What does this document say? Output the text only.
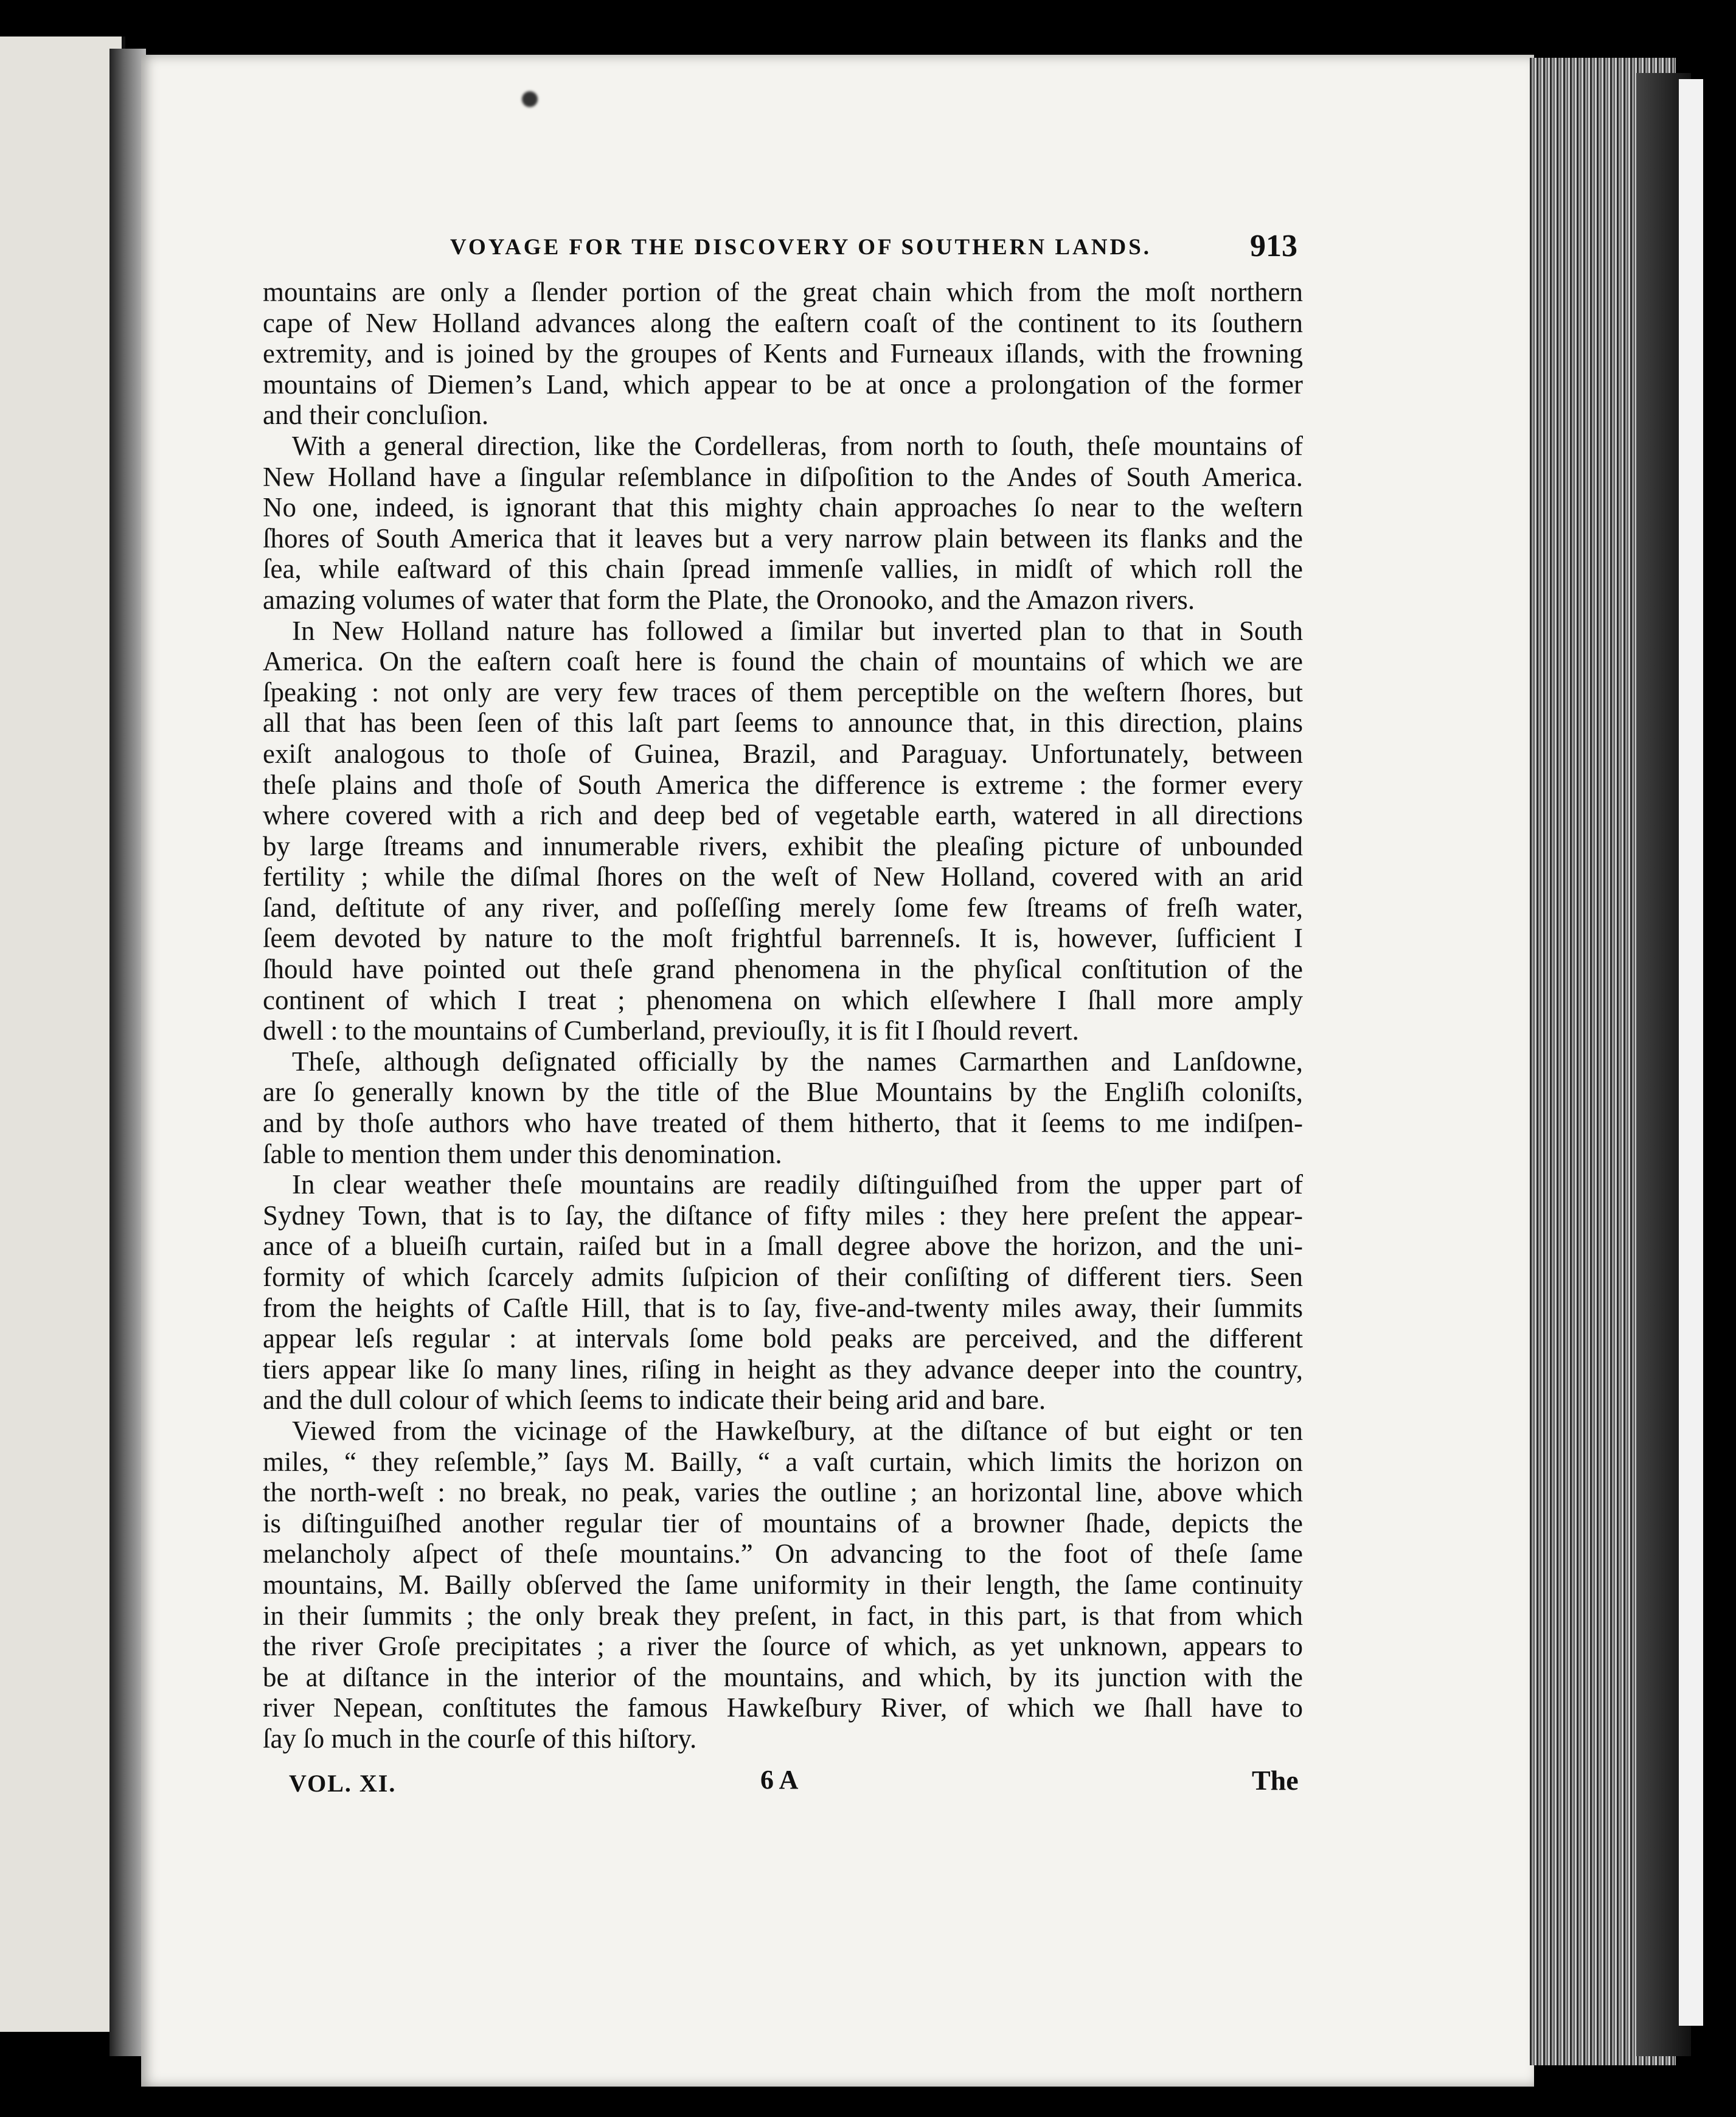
VOYAGE FOR THE DISCOVERY OF SOUTHERN LANDS.	913
mountains are only a ſlender portion of the great chain which from the moſt northern
cape of New Holland advances along the eaſtern coaſt of the continent to its ſouthern
extremity, and is joined by the groupes of Kents and Furneaux iſlands, with the frowning
mountains of Diemen’s Land, which appear to be at once a prolongation of the former
and their concluſion.
With a general direction, like the Cordelleras, from north to ſouth, theſe mountains of
New Holland have a ſingular reſemblance in diſpoſition to the Andes of South America.
No one, indeed, is ignorant that this mighty chain approaches ſo near to the weſtern
ſhores of South America that it leaves but a very narrow plain between its flanks and the
ſea, while eaſtward of this chain ſpread immenſe vallies, in midſt of which roll the
amazing volumes of water that form the Plate, the Oronooko, and the Amazon rivers.
In New Holland nature has followed a ſimilar but inverted plan to that in South
America. On the eaſtern coaſt here is found the chain of mountains of which we are
ſpeaking : not only are very few traces of them perceptible on the weſtern ſhores, but
all that has been ſeen of this laſt part ſeems to announce that, in this direction, plains
exiſt analogous to thoſe of Guinea, Brazil, and Paraguay. Unfortunately, between
theſe plains and thoſe of South America the difference is extreme : the former every
where covered with a rich and deep bed of vegetable earth, watered in all directions
by large ſtreams and innumerable rivers, exhibit the pleaſing picture of unbounded
fertility ; while the diſmal ſhores on the weſt of New Holland, covered with an arid
ſand, deſtitute of any river, and poſſeſſing merely ſome few ſtreams of freſh water,
ſeem devoted by nature to the moſt frightful barrenneſs. It is, however, ſufficient I
ſhould have pointed out theſe grand phenomena in the phyſical conſtitution of the
continent of which I treat ; phenomena on which elſewhere I ſhall more amply
dwell : to the mountains of Cumberland, previouſly, it is fit I ſhould revert.
Theſe, although deſignated officially by the names Carmarthen and Lanſdowne,
are ſo generally known by the title of the Blue Mountains by the Engliſh coloniſts,
and by thoſe authors who have treated of them hitherto, that it ſeems to me indiſpen-
ſable to mention them under this denomination.
In clear weather theſe mountains are readily diſtinguiſhed from the upper part of
Sydney Town, that is to ſay, the diſtance of fifty miles : they here preſent the appear-
ance of a blueiſh curtain, raiſed but in a ſmall degree above the horizon, and the uni-
formity of which ſcarcely admits ſuſpicion of their conſiſting of different tiers. Seen
from the heights of Caſtle Hill, that is to ſay, five-and-twenty miles away, their ſummits
appear leſs regular : at intervals ſome bold peaks are perceived, and the different
tiers appear like ſo many lines, riſing in height as they advance deeper into the country,
and the dull colour of which ſeems to indicate their being arid and bare.
Viewed from the vicinage of the Hawkeſbury, at the diſtance of but eight or ten
miles, “ they reſemble,” ſays M. Bailly, “ a vaſt curtain, which limits the horizon on
the north-weſt : no break, no peak, varies the outline ; an horizontal line, above which
is diſtinguiſhed another regular tier of mountains of a browner ſhade, depicts the
melancholy aſpect of theſe mountains.” On advancing to the foot of theſe ſame
mountains, M. Bailly obſerved the ſame uniformity in their length, the ſame continuity
in their ſummits ; the only break they preſent, in fact, in this part, is that from which
the river Groſe precipitates ; a river the ſource of which, as yet unknown, appears to
be at diſtance in the interior of the mountains, and which, by its junction with the
river Nepean, conſtitutes the famous Hawkeſbury River, of which we ſhall have to
ſay ſo much in the courſe of this hiſtory.
VOL. XI.	6 A	The
